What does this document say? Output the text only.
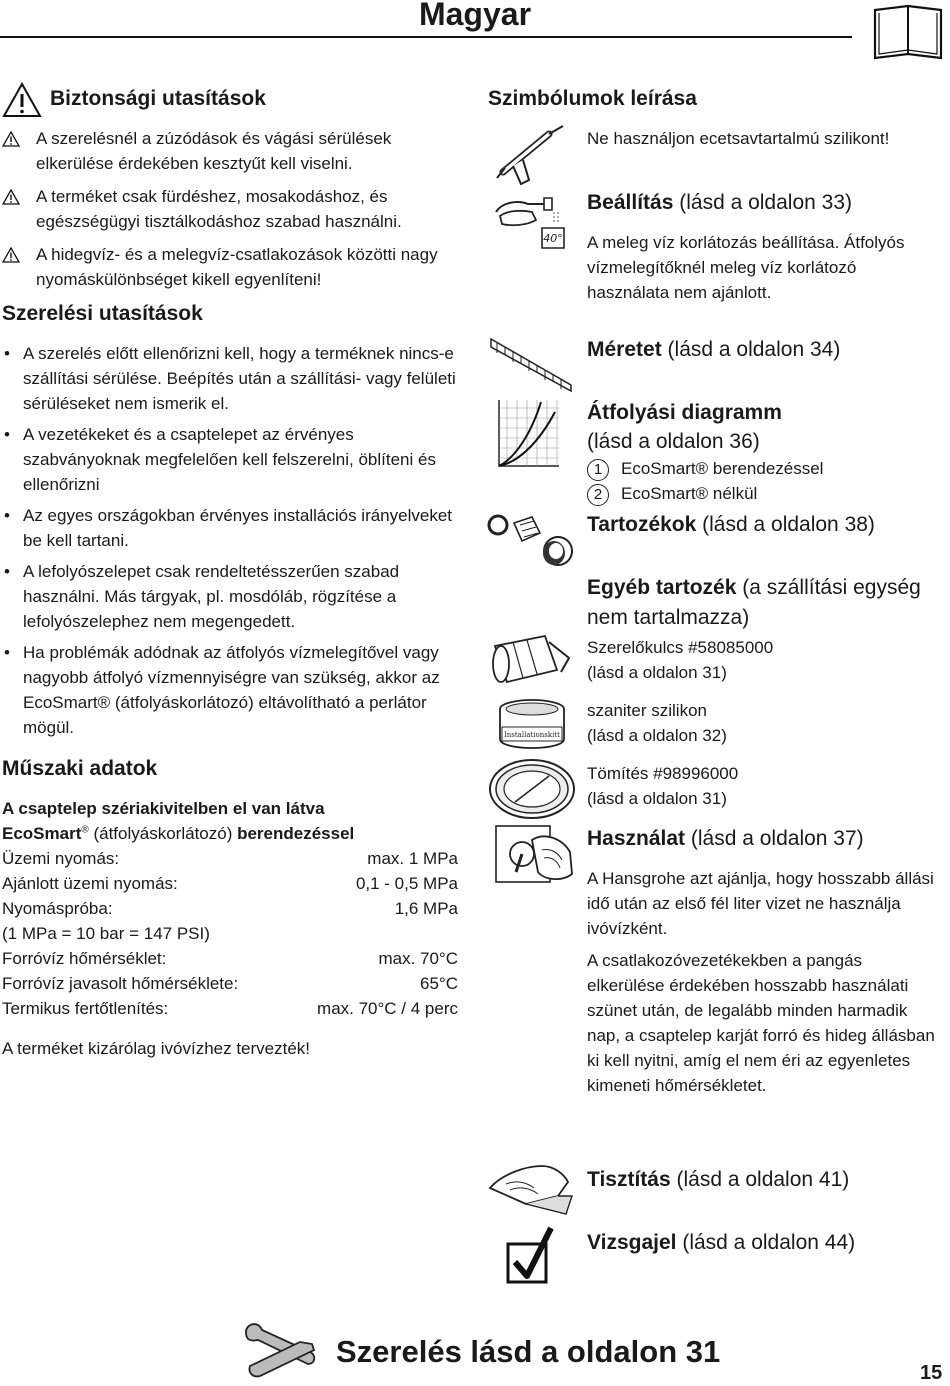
Magyar
Biztonsági utasítások
A szerelésnél a zúzódások és vágási sérülések elkerülése érdekében kesztyűt kell viselni.
A terméket csak fürdéshez, mosakodáshoz, és egészségügyi tisztálkodáshoz szabad használni.
A hidegvíz- és a melegvíz-csatlakozások közötti nagy nyomáskülönbséget kikell egyenlíteni!
Szerelési utasítások
• A szerelés előtt ellenőrizni kell, hogy a terméknek nincs-e szállítási sérülése. Beépítés után a szállítási- vagy felületi sérüléseket nem ismerik el.
• A vezetékeket és a csaptelepet az érvényes szabványoknak megfelelően kell felszerelni, öblíteni és ellenőrizni
• Az egyes országokban érvényes installációs irányelveket be kell tartani.
• A lefolyószelepet csak rendeltetésszerűen szabad használni. Más tárgyak, pl. mosdóláb, rögzítése a lefolyószelephez nem megengedett.
• Ha problémák adódnak az átfolyós vízmelegítővel vagy nagyobb átfolyó vízmennyiségre van szükség, akkor az EcoSmart® (átfolyáskorlátozó) eltávolítható a perlátor mögül.
Műszaki adatok
A csaptelep szériakivitelben el van látva
EcoSmart® (átfolyáskorlátozó) berendezéssel
Üzemi nyomás:	max. 1 MPa
Ajánlott üzemi nyomás:	0,1 - 0,5 MPa
Nyomáspróba:	1,6 MPa
(1 MPa = 10 bar = 147 PSI)
Forróvíz hőmérséklet:	max. 70°C
Forróvíz javasolt hőmérséklete:	65°C
Termikus fertőtlenítés:	max. 70°C / 4 perc
A terméket kizárólag ivóvízhez tervezték!
Szimbólumok leírása
Ne használjon ecetsavtartalmú szilikont!
40°
Beállítás (lásd a oldalon 33)
A meleg víz korlátozás beállítása. Átfolyós vízmelegítőknél meleg víz korlátozó használata nem ajánlott.
Méretet (lásd a oldalon 34)
Átfolyási diagramm
(lásd a oldalon 36)
1 EcoSmart® berendezéssel
2 EcoSmart® nélkül
Tartozékok (lásd a oldalon 38)
Egyéb tartozék (a szállítási egység nem tartalmazza)
Szerelőkulcs #58085000
(lásd a oldalon 31)
Installationskitt
szaniter szilikon
(lásd a oldalon 32)
Tömítés #98996000
(lásd a oldalon 31)
Használat (lásd a oldalon 37)
A Hansgrohe azt ajánlja, hogy hosszabb állási idő után az első fél liter vizet ne használja ivóvízként.
A csatlakozóvezetékekben a pangás elkerülése érdekében hosszabb használati szünet után, de legalább minden harmadik nap, a csaptelep karját forró és hideg állásban ki kell nyitni, amíg el nem éri az egyenletes kimeneti hőmérsékletet.
Tisztítás (lásd a oldalon 41)
Vizsgajel (lásd a oldalon 44)
Szerelés lásd a oldalon 31
15
